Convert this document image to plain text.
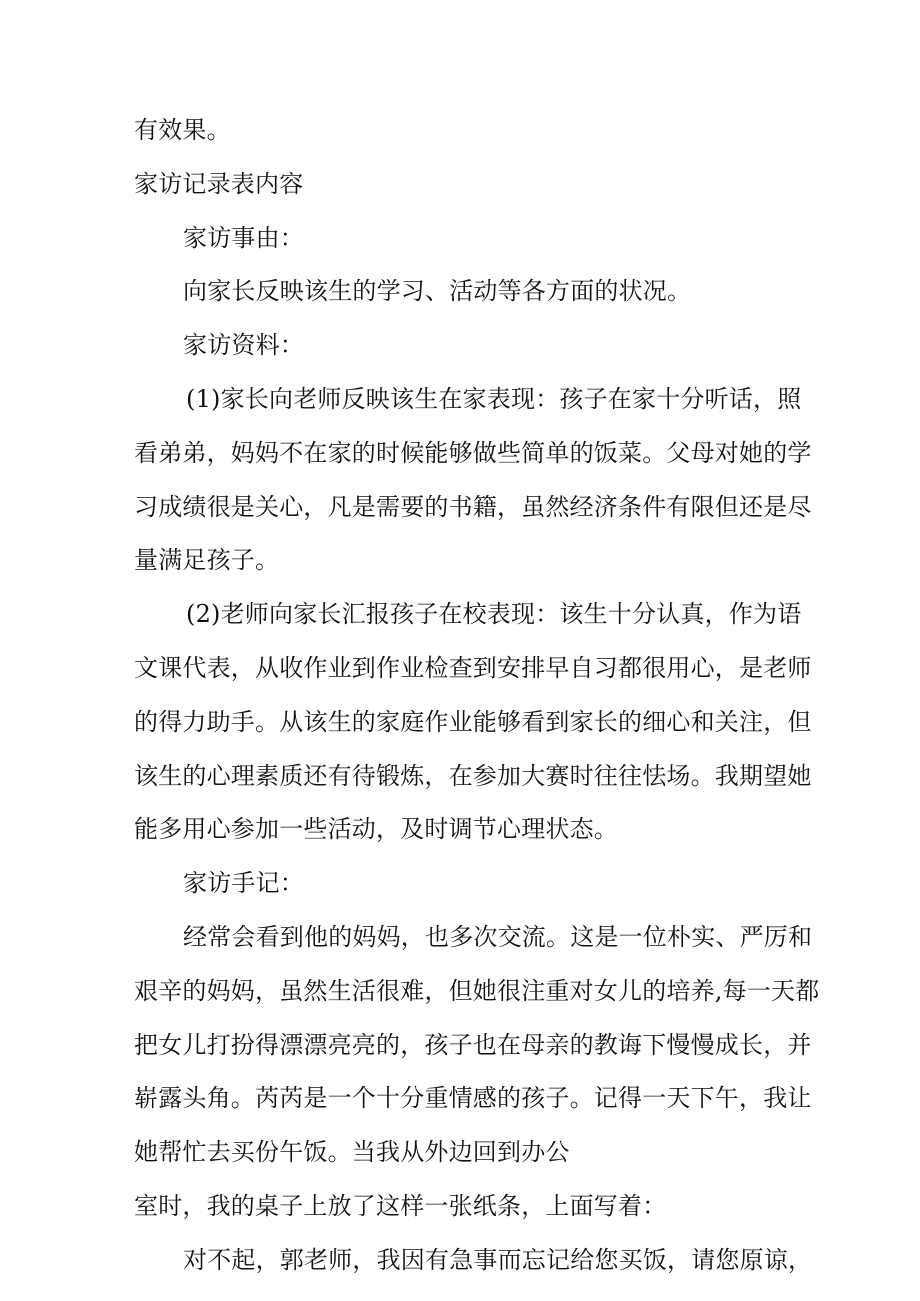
有效果。
家访记录表内容
家访事由：
向家长反映该生的学习、活动等各方面的状况。
家访资料：
(1)家长向老师反映该生在家表现：孩子在家十分听话，照
看弟弟，妈妈不在家的时候能够做些简单的饭菜。父母对她的学
习成绩很是关心，凡是需要的书籍，虽然经济条件有限但还是尽
量满足孩子。
(2)老师向家长汇报孩子在校表现：该生十分认真，作为语
文课代表，从收作业到作业检查到安排早自习都很用心，是老师
的得力助手。从该生的家庭作业能够看到家长的细心和关注，但
该生的心理素质还有待锻炼，在参加大赛时往往怯场。我期望她
能多用心参加一些活动，及时调节心理状态。
家访手记：
经常会看到他的妈妈，也多次交流。这是一位朴实、严厉和
艰辛的妈妈，虽然生活很难，但她很注重对女儿的培养,每一天都
把女儿打扮得漂漂亮亮的，孩子也在母亲的教诲下慢慢成长，并
崭露头角。芮芮是一个十分重情感的孩子。记得一天下午，我让
她帮忙去买份午饭。当我从外边回到办公
室时，我的桌子上放了这样一张纸条，上面写着：
对不起，郭老师，我因有急事而忘记给您买饭，请您原谅，
